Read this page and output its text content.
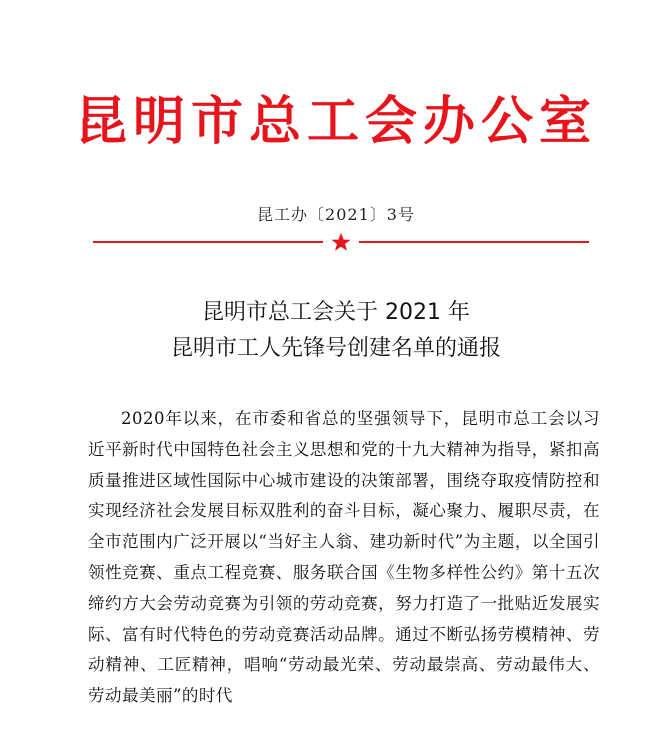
昆明市总工会办公室
昆工办〔2021〕3号
昆明市总工会关于 2021 年
昆明市工人先锋号创建名单的通报
2020年以来，在市委和省总的坚强领导下，昆明市总工会以习近平新时代中国特色社会主义思想和党的十九大精神为指导，紧扣高质量推进区域性国际中心城市建设的决策部署，围绕夺取疫情防控和实现经济社会发展目标双胜利的奋斗目标，凝心聚力、履职尽责，在全市范围内广泛开展以“当好主人翁、建功新时代”为主题，以全国引领性竞赛、重点工程竞赛、服务联合国《生物多样性公约》第十五次缔约方大会劳动竞赛为引领的劳动竞赛，努力打造了一批贴近发展实际、富有时代特色的劳动竞赛活动品牌。通过不断弘扬劳模精神、劳动精神、工匠精神，唱响“劳动最光荣、劳动最崇高、劳动最伟大、劳动最美丽”的时代
